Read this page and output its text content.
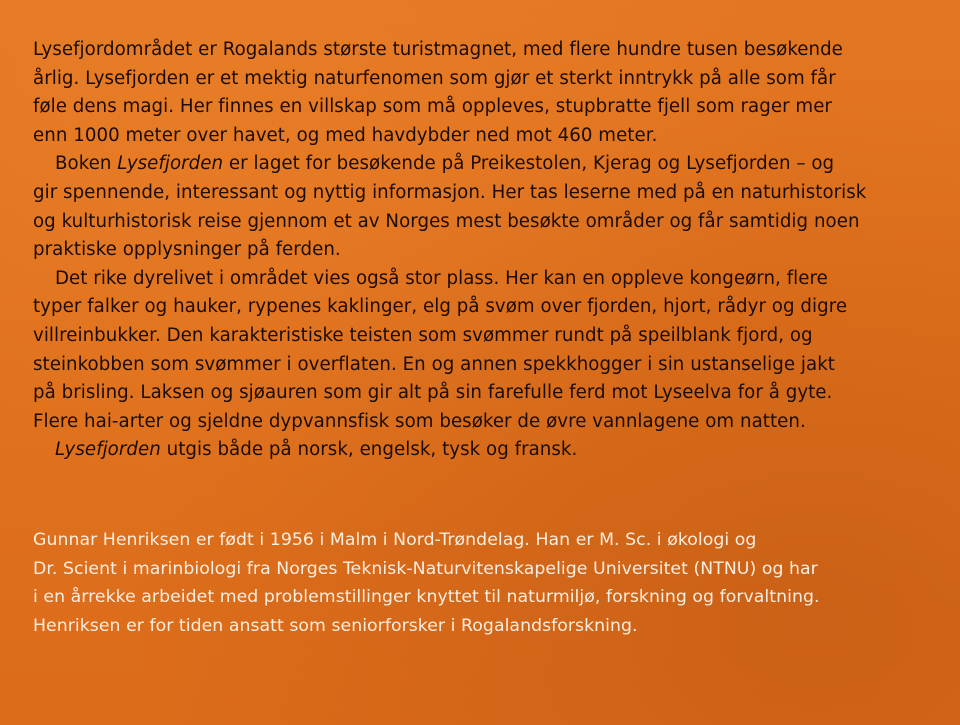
Lysefjordområdet er Rogalands største turistmagnet, med flere hundre tusen besøkende
årlig. Lysefjorden er et mektig naturfenomen som gjør et sterkt inntrykk på alle som får
føle dens magi. Her finnes en villskap som må oppleves, stupbratte fjell som rager mer
enn 1000 meter over havet, og med havdybder ned mot 460 meter.

Boken Lysefjorden er laget for besøkende på Preikestolen, Kjerag og Lysefjorden – og
gir spennende, interessant og nyttig informasjon. Her tas leserne med på en naturhistorisk
og kulturhistorisk reise gjennom et av Norges mest besøkte områder og får samtidig noen
praktiske opplysninger på ferden.

Det rike dyrelivet i området vies også stor plass. Her kan en oppleve kongeørn, flere
typer falker og hauker, rypenes kaklinger, elg på svøm over fjorden, hjort, rådyr og digre
villreinbukker. Den karakteristiske teisten som svømmer rundt på speilblank fjord, og
steinkobben som svømmer i overflaten. En og annen spekkhogger i sin ustanselige jakt
på brisling. Laksen og sjøauren som gir alt på sin farefulle ferd mot Lyseelva for å gyte.
Flere hai-arter og sjeldne dypvannsfisk som besøker de øvre vannlagene om natten.

Lysefjorden utgis både på norsk, engelsk, tysk og fransk.

Gunnar Henriksen er født i 1956 i Malm i Nord-Trøndelag. Han er M. Sc. i økologi og
Dr. Scient i marinbiologi fra Norges Teknisk-Naturvitenskapelige Universitet (NTNU) og har
i en årrekke arbeidet med problemstillinger knyttet til naturmiljø, forskning og forvaltning.
Henriksen er for tiden ansatt som seniorforsker i Rogalandsforskning.
